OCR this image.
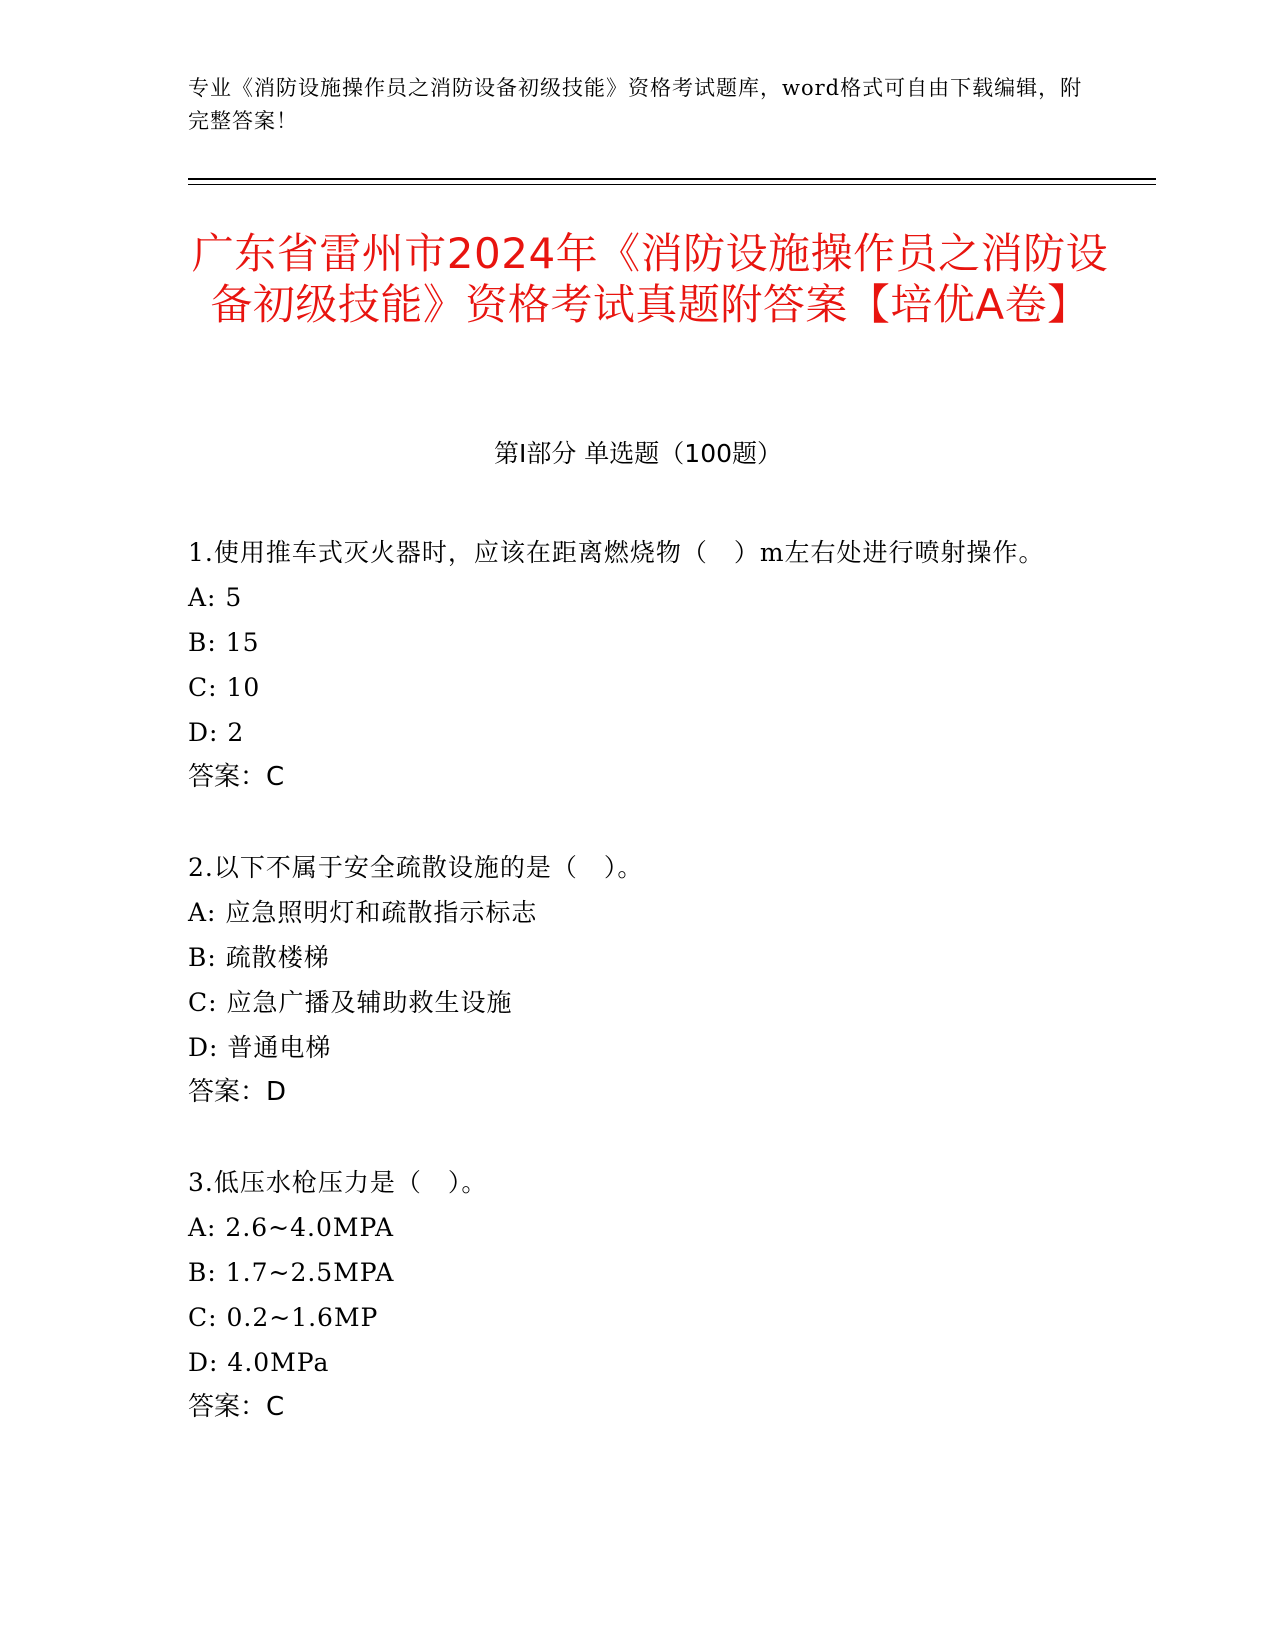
专业《消防设施操作员之消防设备初级技能》资格考试题库，word格式可自由下载编辑，附完整答案！
广东省雷州市2024年《消防设施操作员之消防设备初级技能》资格考试真题附答案【培优A卷】
第I部分 单选题（100题）
1.使用推车式灭火器时，应该在距离燃烧物（　）m左右处进行喷射操作。
A: 5
B: 15
C: 10
D: 2
答案：C
2.以下不属于安全疏散设施的是（　）。
A: 应急照明灯和疏散指示标志
B: 疏散楼梯
C: 应急广播及辅助救生设施
D: 普通电梯
答案：D
3.低压水枪压力是（　）。
A: 2.6~4.0MPA
B: 1.7~2.5MPA
C: 0.2~1.6MP
D: 4.0MPa
答案：C
